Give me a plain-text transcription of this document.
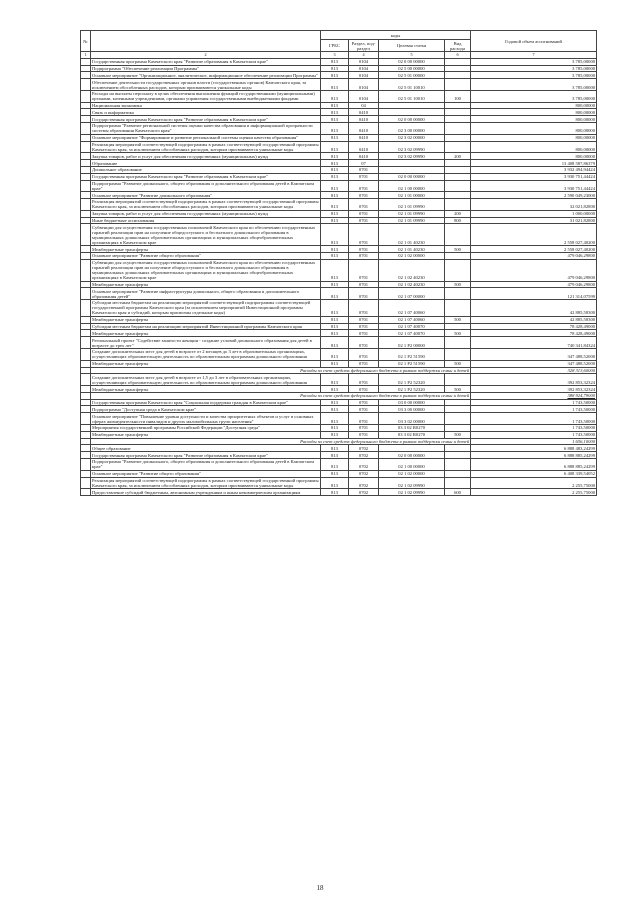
№		коды				Годовой объем ассигнований
		ГРБС	Раздел, под-раздел	Целевая статья	Вид расхода	
1	2	3	4	5	6	7
	Государственная программа Камчатского края "Развитие образования в Камчатском крае"	813	0104	02 0 00 00000		3 785,00000
	Подпрограмма "Обеспечение реализации Программы"	813	0104	02 5 00 00000		3 785,00000
	Основное мероприятие "Организационное, аналитическое, информационное обеспечение реализации Программы"	813	0104	02 5 01 00000		3 785,00000
	Обеспечение деятельности государственных органов власти (государственных органов) Камчатского края, за исключением обособленных расходов, которым присваиваются уникальные коды	813	0104	02 5 01 10010		3 785,00000
	Расходы на выплаты персоналу в целях обеспечения выполнения функций государственными (муниципальными) органами, казенными учреждениями, органами управления государственными внебюджетными фондами	813	0104	02 5 01 10010	100	3 785,00000
	Национальная экономика	813	04			800,00000
	Связь и информатика	813	0410			800,00000
	Государственная программа Камчатского края "Развитие образования в Камчатском крае"	813	0410	02 0 00 00000		800,00000
	Подпрограмма "Развитие региональной системы оценки качества образования и информационной прозрачности системы образования Камчатского края"	813	0410	02 3 00 00000		800,00000
	Основное мероприятие "Формирование и развитие региональной системы оценки качества образования"	813	0410	02 3 02 00000		800,00000
	Реализация мероприятий соответствующей подпрограммы в рамках соответствующей государственной программы Камчатского края, за исключением обособленных расходов, которым присваиваются уникальные коды	813	0410	02 3 02 09990		800,00000
	Закупка товаров, работ и услуг для обеспечения государственных (муниципальных) нужд	813	0410	02 3 02 09990	200	800,00000
	Образование	813	07			13 408 587,86379
	Дошкольное образование	813	0701			3 932 494,94424
	Государственная программа Камчатского края "Развитие образования в Камчатском крае"	813	0701	02 0 00 00000		3 930 751,44424
	Подпрограмма "Развитие дошкольного, общего образования и дополнительного образования детей в Камчатском крае"	813	0701	02 1 00 00000		3 930 751,44424
	Основное мероприятие "Развитие дошкольного образования"	813	0701	02 1 01 00000		2 590 049,23000
	Реализация мероприятий соответствующей подпрограммы в рамках соответствующей государственной программы Камчатского края, за исключением обособленных расходов, которым присваиваются уникальные коды	813	0701	02 1 01 09990		32 021,82800
	Закупка товаров, работ и услуг для обеспечения государственных (муниципальных) нужд	813	0701	02 1 01 09990	200	1 000,00000
	Иные бюджетные ассигнования	813	0701	02 1 01 09990	800	31 021,82800
	Субвенции для осуществления государственных полномочий Камчатского края по обеспечению государственных гарантий реализации прав на получение общедоступного и бесплатного дошкольного образования в муниципальных дошкольных образовательных организациях и муниципальных общеобразовательных организациях в Камчатском крае	813	0701	02 1 01 40230		2 558 027,40200
	Межбюджетные трансферты	813	0701	02 1 01 40230	500	2 558 027,40200
	Основное мероприятие "Развитие общего образования"	813	0701	02 1 02 00000		479 046,29800
	Субвенции для осуществления государственных полномочий Камчатского края по обеспечению государственных гарантий реализации прав на получение общедоступного и бесплатного дошкольного образования в муниципальных дошкольных образовательных организациях и муниципальных общеобразовательных организациях в Камчатском крае	813	0701	02 1 02 40230		479 046,29800
	Межбюджетные трансферты	813	0701	02 1 02 40230	500	479 046,29800
	Основное мероприятие "Развитие инфраструктуры дошкольного, общего образования и дополнительного образования детей"	813	0701	02 1 07 00000		121 314,07599
	Субсидии местным бюджетам на реализацию мероприятий соответствующей подпрограммы соответствующей государственной программы Камчатского края (за исключением мероприятий Инвестиционной программы Камчатского края и субсидий, которым присвоены отдельные коды)	813	0701	02 1 07 40060		42 885,58300
	Межбюджетные трансферты	813	0701	02 1 07 40060	500	42 885,58300
	Субсидии местным бюджетам на реализацию мероприятий Инвестиционной программы Камчатского края	813	0701	02 1 07 40070		78 428,49000
	Межбюджетные трансферты	813	0701	02 1 07 40070	500	78 428,49000
	Региональный проект "Содействие занятости женщин - создание условий дошкольного образования для детей в возрасте до трех лет"	813	0701	02 1 P2 00000		740 341,84324
	Создание дополнительных мест для детей в возрасте от 2 месяцев до 3 лет в образовательных организациях, осуществляющих образовательную деятельность по образовательным программам дошкольного образования	813	0701	02 1 P2 51590		347 488,52000
	Межбюджетные трансферты	813	0701	02 1 P2 51590	500	347 488,52000
	Расходы за счет средств федерального бюджета в рамках поддержки семьи и детей					328 313,60000
	Создание дополнительных мест для детей в возрасте от 1,5 до 3 лет в образовательных организациях, осуществляющих образовательную деятельность по образовательным программам дошкольного образования	813	0701	02 1 P2 52320		392 853,32324
	Межбюджетные трансферты	813	0701	02 1 P2 52320	500	392 853,32324
	Расходы за счет средств федерального бюджета в рамках поддержки семьи и детей					388 924,79000
	Государственная программа Камчатского края "Социальная поддержка граждан в Камчатском крае"	813	0701	03 0 00 00000		1 743,50000
	Подпрограмма "Доступная среда в Камчатском крае"	813	0701	03 3 00 00000		1 743,50000
	Основное мероприятие "Повышение уровня доступности и качества приоритетных объектов и услуг в основных сферах жизнедеятельности инвалидов и других маломобильных групп населения"	813	0701	03 3 02 00000		1 743,50000
	Мероприятия государственной программы Российской Федерации "Доступная среда"	813	0701	03 3 02 R0270		1 743,50000
	Межбюджетные трансферты	813	0701	03 3 02 R0270	500	1 743,50000
	Расходы за счет средств федерального бюджета в рамках поддержки семьи и детей					1 656,10000
	Общее образование	813	0702			6 888 483,24299
	Государственная программа Камчатского края "Развитие образования в Камчатском крае"	813	0702	02 0 00 00000		6 888 885,24299
	Подпрограмма "Развитие дошкольного, общего образования и дополнительного образования детей в Камчатском крае"	813	0702	02 1 00 00000		6 888 885,24299
	Основное мероприятие "Развитие общего образования"	813	0702	02 1 02 00000		6 408 339,54052
	Реализация мероприятий соответствующей подпрограммы в рамках соответствующей государственной программы Камчатского края, за исключением обособленных расходов, которым присваиваются уникальные коды	813	0702	02 1 02 09990		2 255,75000
	Предоставление субсидий бюджетным, автономным учреждениям и иным некоммерческим организациям	813	0702	02 1 02 09990	600	2 255,75000
18
